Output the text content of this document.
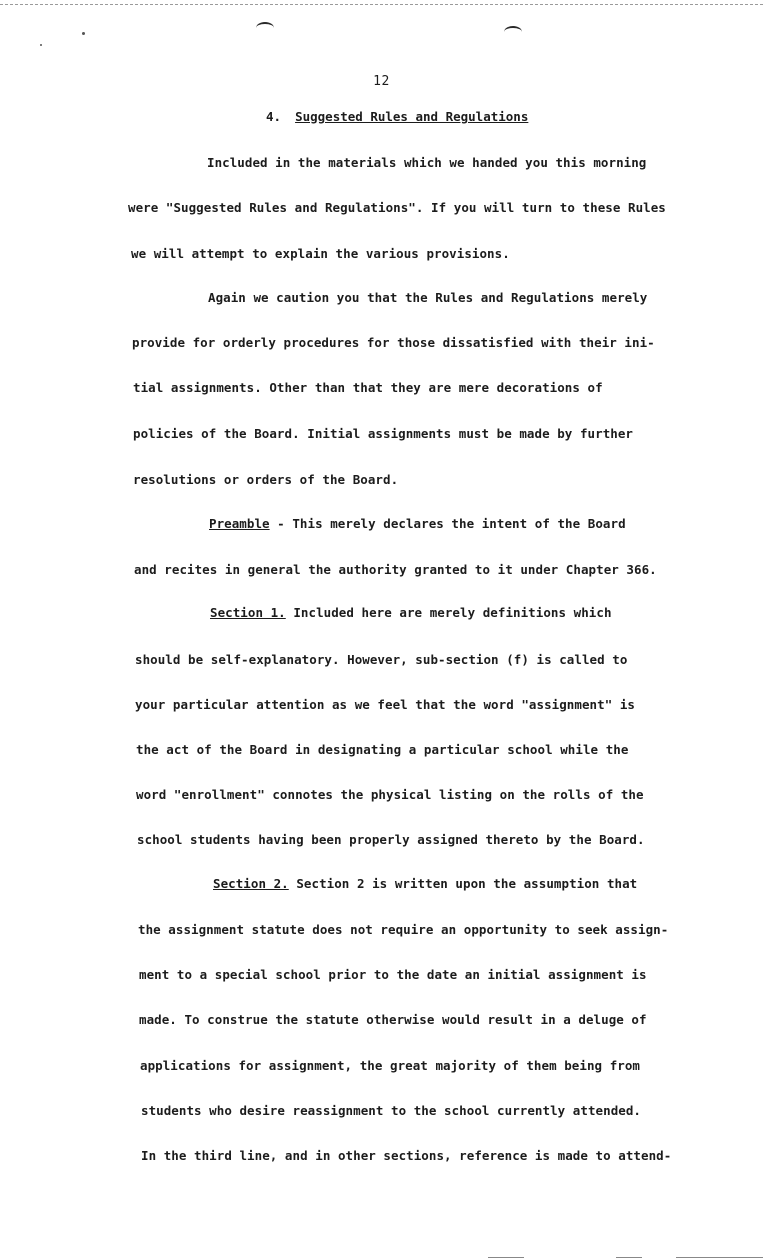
12
4. Suggested Rules and Regulations
Included in the materials which we handed you this morning
were "Suggested Rules and Regulations". If you will turn to these Rules
we will attempt to explain the various provisions.
Again we caution you that the Rules and Regulations merely
provide for orderly procedures for those dissatisfied with their ini-
tial assignments. Other than that they are mere decorations of
policies of the Board. Initial assignments must be made by further
resolutions or orders of the Board.
Preamble - This merely declares the intent of the Board
and recites in general the authority granted to it under Chapter 366.
Section 1. Included here are merely definitions which
should be self-explanatory. However, sub-section (f) is called to
your particular attention as we feel that the word "assignment" is
the act of the Board in designating a particular school while the
word "enrollment" connotes the physical listing on the rolls of the
school students having been properly assigned thereto by the Board.
Section 2. Section 2 is written upon the assumption that
the assignment statute does not require an opportunity to seek assign-
ment to a special school prior to the date an initial assignment is
made. To construe the statute otherwise would result in a deluge of
applications for assignment, the great majority of them being from
students who desire reassignment to the school currently attended.
In the third line, and in other sections, reference is made to attend-
